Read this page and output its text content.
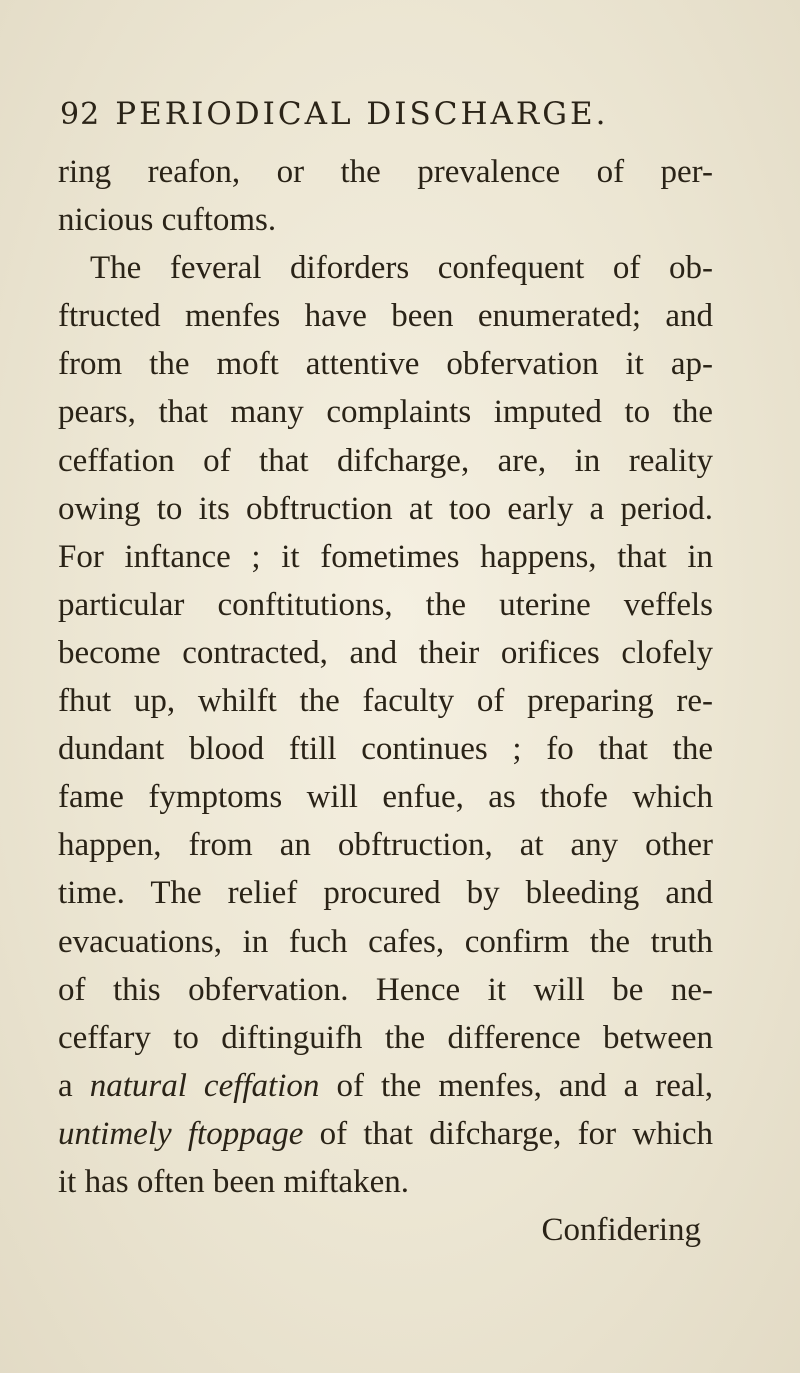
92 PERIODICAL DISCHARGE.
ring reafon, or the prevalence of per-
nicious cuftoms.
The feveral diforders confequent of ob-
ftructed menfes have been enumerated; and
from the moft attentive obfervation it ap-
pears, that many complaints imputed to the
ceffation of that difcharge, are, in reality
owing to its obftruction at too early a period.
For inftance ; it fometimes happens, that in
particular conftitutions, the uterine veffels
become contracted, and their orifices clofely
fhut up, whilft the faculty of preparing re-
dundant blood ftill continues ; fo that the
fame fymptoms will enfue, as thofe which
happen, from an obftruction, at any other
time. The relief procured by bleeding and
evacuations, in fuch cafes, confirm the truth
of this obfervation. Hence it will be ne-
ceffary to diftinguifh the difference between
a natural ceffation of the menfes, and a real,
untimely ftoppage of that difcharge, for which
it has often been miftaken.
Confidering
